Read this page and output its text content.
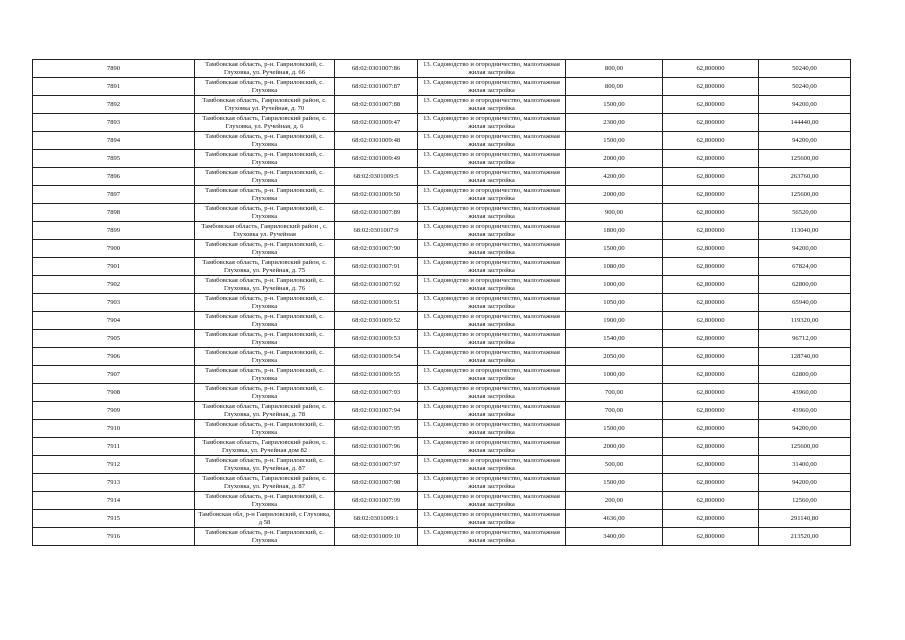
7890	Тамбовская область, р-н. Гавриловский, с. Глуховка, ул. Ручейная, д. 66	68:02:0301007:86	13. Садоводство и огородничество, малоэтажная жилая застройка	800,00	62,800000	50240,00
7891	Тамбовская область, р-н. Гавриловский, с. Глуховка	68:02:0301007:87	13. Садоводство и огородничество, малоэтажная жилая застройка	800,00	62,800000	50240,00
7892	Тамбовская область, Гавриловский район, с. Глуховка ул. Ручейная, д. 70	68:02:0301007:88	13. Садоводство и огородничество, малоэтажная жилая застройка	1500,00	62,800000	94200,00
7893	Тамбовская область, Гавриловский район, с. Глуховка, ул. Ручейная, д. 6	68:02:0301009:47	13. Садоводство и огородничество, малоэтажная жилая застройка	2300,00	62,800000	144440,00
7894	Тамбовская область, р-н. Гавриловский, с. Глуховка	68:02:0301009:48	13. Садоводство и огородничество, малоэтажная жилая застройка	1500,00	62,800000	94200,00
7895	Тамбовская область, р-н. Гавриловский, с. Глуховка	68:02:0301009:49	13. Садоводство и огородничество, малоэтажная жилая застройка	2000,00	62,800000	125600,00
7896	Тамбовская область, р-н. Гавриловский, с. Глуховка	68:02:0301009:5	13. Садоводство и огородничество, малоэтажная жилая застройка	4200,00	62,800000	263760,00
7897	Тамбовская область, р-н. Гавриловский, с. Глуховка	68:02:0301009:50	13. Садоводство и огородничество, малоэтажная жилая застройка	2000,00	62,800000	125600,00
7898	Тамбовская область, р-н. Гавриловский, с. Глуховка	68:02:0301007:89	13. Садоводство и огородничество, малоэтажная жилая застройка	900,00	62,800000	56520,00
7899	Тамбовская область, Гавриловский район , с. Глуховка ул. Ручейная	68:02:0301007:9	13. Садоводство и огородничество, малоэтажная жилая застройка	1800,00	62,800000	113040,00
7900	Тамбовская область, р-н. Гавриловский, с. Глуховка	68:02:0301007:90	13. Садоводство и огородничество, малоэтажная жилая застройка	1500,00	62,800000	94200,00
7901	Тамбовская область, Гавриловский район, с. Глуховка, ул. Ручейная, д. 75	68:02:0301007:91	13. Садоводство и огородничество, малоэтажная жилая застройка	1080,00	62,800000	67824,00
7902	Тамбовская область, р-н. Гавриловский, с. Глуховка, ул. Ручейная, д. 76	68:02:0301007:92	13. Садоводство и огородничество, малоэтажная жилая застройка	1000,00	62,800000	62800,00
7903	Тамбовская область, р-н. Гавриловский, с. Глуховка	68:02:0301009:51	13. Садоводство и огородничество, малоэтажная жилая застройка	1050,00	62,800000	65940,00
7904	Тамбовская область, р-н. Гавриловский, с. Глуховка	68:02:0301009:52	13. Садоводство и огородничество, малоэтажная жилая застройка	1900,00	62,800000	119320,00
7905	Тамбовская область, р-н. Гавриловский, с. Глуховка	68:02:0301009:53	13. Садоводство и огородничество, малоэтажная жилая застройка	1540,00	62,800000	96712,00
7906	Тамбовская область, р-н. Гавриловский, с. Глуховка	68:02:0301009:54	13. Садоводство и огородничество, малоэтажная жилая застройка	2050,00	62,800000	128740,00
7907	Тамбовская область, р-н. Гавриловский, с. Глуховка	68:02:0301009:55	13. Садоводство и огородничество, малоэтажная жилая застройка	1000,00	62,800000	62800,00
7908	Тамбовская область, р-н. Гавриловский, с. Глуховка	68:02:0301007:93	13. Садоводство и огородничество, малоэтажная жилая застройка	700,00	62,800000	43960,00
7909	Тамбовская область, Гавриловский район, с. Глуховка, ул. Ручейная, д. 78	68:02:0301007:94	13. Садоводство и огородничество, малоэтажная жилая застройка	700,00	62,800000	43960,00
7910	Тамбовская область, р-н. Гавриловский, с. Глуховка	68:02:0301007:95	13. Садоводство и огородничество, малоэтажная жилая застройка	1500,00	62,800000	94200,00
7911	Тамбовская область, Гавриловский район, с. Глуховка, ул. Ручейная дом 82	68:02:0301007:96	13. Садоводство и огородничество, малоэтажная жилая застройка	2000,00	62,800000	125600,00
7912	Тамбовская область, р-н. Гавриловский, с. Глуховка, ул. Ручейная, д. 87	68:02:0301007:97	13. Садоводство и огородничество, малоэтажная жилая застройка	500,00	62,800000	31400,00
7913	Тамбовская область, Гавриловский район, с. Глуховка, ул. Ручейная, д. 87	68:02:0301007:98	13. Садоводство и огородничество, малоэтажная жилая застройка	1500,00	62,800000	94200,00
7914	Тамбовская область, р-н. Гавриловский, с. Глуховка	68:02:0301007:99	13. Садоводство и огородничество, малоэтажная жилая застройка	200,00	62,800000	12560,00
7915	Тамбовская обл, р-н Гавриловский, с Глуховка, д 58	68:02:0301009:1	13. Садоводство и огородничество, малоэтажная жилая застройка	4636,00	62,800000	291140,80
7916	Тамбовская область, р-н. Гавриловский, с. Глуховка	68:02:0301009:10	13. Садоводство и огородничество, малоэтажная жилая застройка	3400,00	62,800000	213520,00
